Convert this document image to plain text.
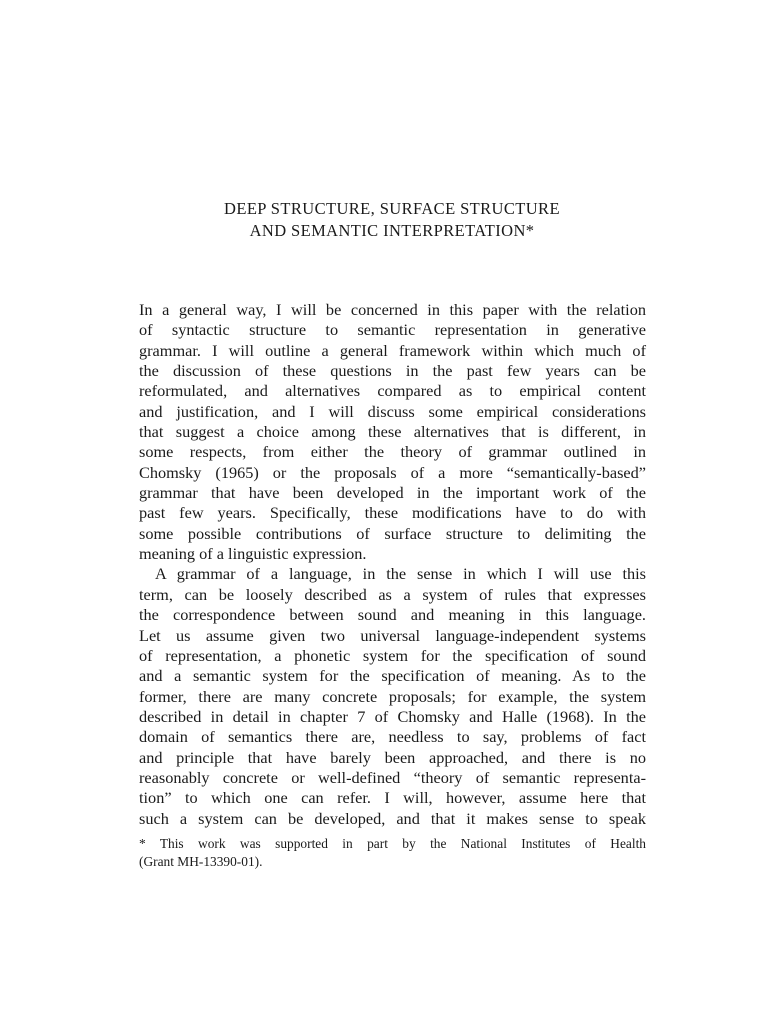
DEEP STRUCTURE, SURFACE STRUCTURE
AND SEMANTIC INTERPRETATION*
In a general way, I will be concerned in this paper with the relation
of syntactic structure to semantic representation in generative
grammar. I will outline a general framework within which much of
the discussion of these questions in the past few years can be
reformulated, and alternatives compared as to empirical content
and justification, and I will discuss some empirical considerations
that suggest a choice among these alternatives that is different, in
some respects, from either the theory of grammar outlined in
Chomsky (1965) or the proposals of a more “semantically-based”
grammar that have been developed in the important work of the
past few years. Specifically, these modifications have to do with
some possible contributions of surface structure to delimiting the
meaning of a linguistic expression.
A grammar of a language, in the sense in which I will use this
term, can be loosely described as a system of rules that expresses
the correspondence between sound and meaning in this language.
Let us assume given two universal language-independent systems
of representation, a phonetic system for the specification of sound
and a semantic system for the specification of meaning. As to the
former, there are many concrete proposals; for example, the system
described in detail in chapter 7 of Chomsky and Halle (1968). In the
domain of semantics there are, needless to say, problems of fact
and principle that have barely been approached, and there is no
reasonably concrete or well-defined “theory of semantic representa-
tion” to which one can refer. I will, however, assume here that
such a system can be developed, and that it makes sense to speak
* This work was supported in part by the National Institutes of Health
(Grant MH-13390-01).
